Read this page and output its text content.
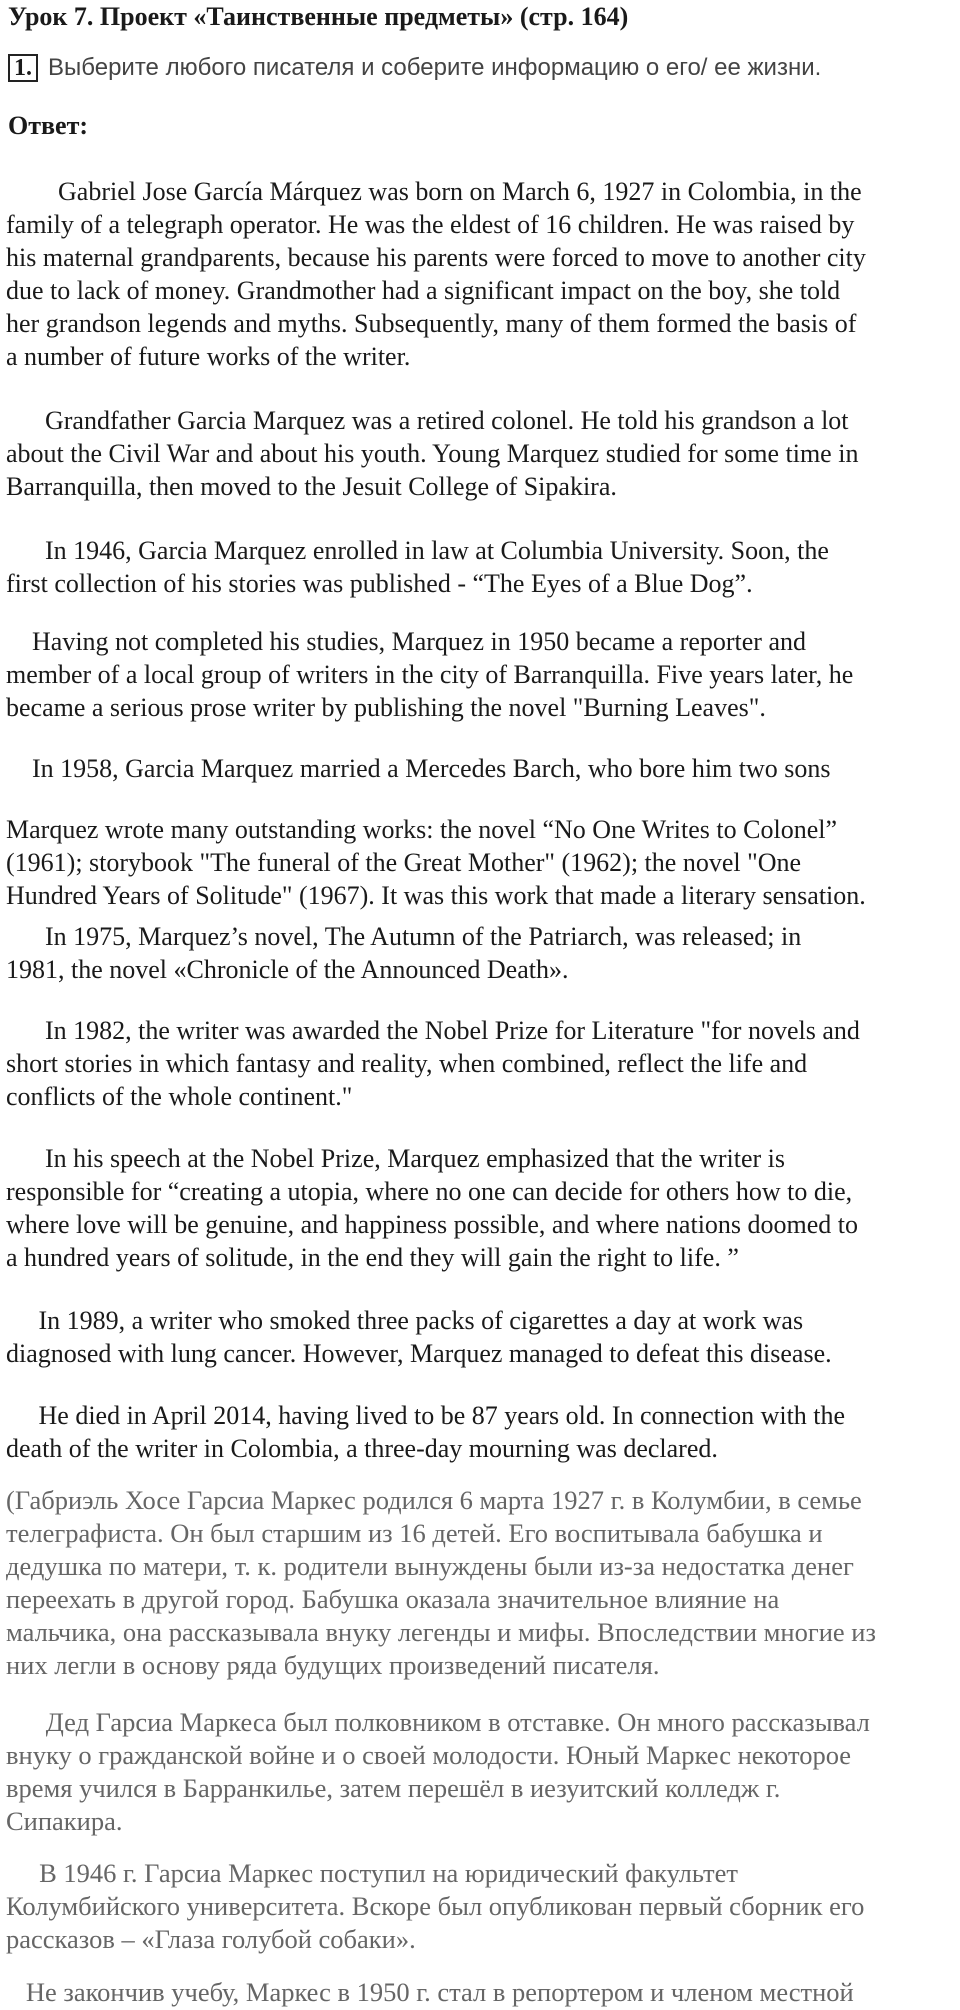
Урок 7. Проект «Таинственные предметы» (стр. 164)
1. Выберите любого писателя и соберите информацию о его/ ее жизни.
Ответ:

Gabriel Jose García Márquez was born on March 6, 1927 in Colombia, in the
family of a telegraph operator. He was the eldest of 16 children. He was raised by
his maternal grandparents, because his parents were forced to move to another city
due to lack of money. Grandmother had a significant impact on the boy, she told
her grandson legends and myths. Subsequently, many of them formed the basis of
a number of future works of the writer.

Grandfather Garcia Marquez was a retired colonel. He told his grandson a lot
about the Civil War and about his youth. Young Marquez studied for some time in
Barranquilla, then moved to the Jesuit College of Sipakira.

In 1946, Garcia Marquez enrolled in law at Columbia University. Soon, the
first collection of his stories was published - “The Eyes of a Blue Dog”.

Having not completed his studies, Marquez in 1950 became a reporter and
member of a local group of writers in the city of Barranquilla. Five years later, he
became a serious prose writer by publishing the novel "Burning Leaves".

In 1958, Garcia Marquez married a Mercedes Barch, who bore him two sons

Marquez wrote many outstanding works: the novel “No One Writes to Colonel”
(1961); storybook "The funeral of the Great Mother" (1962); the novel "One
Hundred Years of Solitude" (1967). It was this work that made a literary sensation.

In 1975, Marquez’s novel, The Autumn of the Patriarch, was released; in
1981, the novel «Chronicle of the Announced Death».

In 1982, the writer was awarded the Nobel Prize for Literature "for novels and
short stories in which fantasy and reality, when combined, reflect the life and
conflicts of the whole continent."

In his speech at the Nobel Prize, Marquez emphasized that the writer is
responsible for “creating a utopia, where no one can decide for others how to die,
where love will be genuine, and happiness possible, and where nations doomed to
a hundred years of solitude, in the end they will gain the right to life. ”

In 1989, a writer who smoked three packs of cigarettes a day at work was
diagnosed with lung cancer. However, Marquez managed to defeat this disease.

He died in April 2014, having lived to be 87 years old. In connection with the
death of the writer in Colombia, a three-day mourning was declared.

(Габриэль Хосе Гарсиа Маркес родился 6 марта 1927 г. в Колумбии, в семье
телеграфиста. Он был старшим из 16 детей. Его воспитывала бабушка и
дедушка по матери, т. к. родители вынуждены были из-за недостатка денег
переехать в другой город. Бабушка оказала значительное влияние на
мальчика, она рассказывала внуку легенды и мифы. Впоследствии многие из
них легли в основу ряда будущих произведений писателя.

Дед Гарсиа Маркеса был полковником в отставке. Он много рассказывал
внуку о гражданской войне и о своей молодости. Юный Маркес некоторое
время учился в Барранкилье, затем перешёл в иезуитский колледж г.
Сипакира.

В 1946 г. Гарсиа Маркес поступил на юридический факультет
Колумбийского университета. Вскоре был опубликован первый сборник его
рассказов – «Глаза голубой собаки».

Не закончив учебу, Маркес в 1950 г. стал в репортером и членом местной
